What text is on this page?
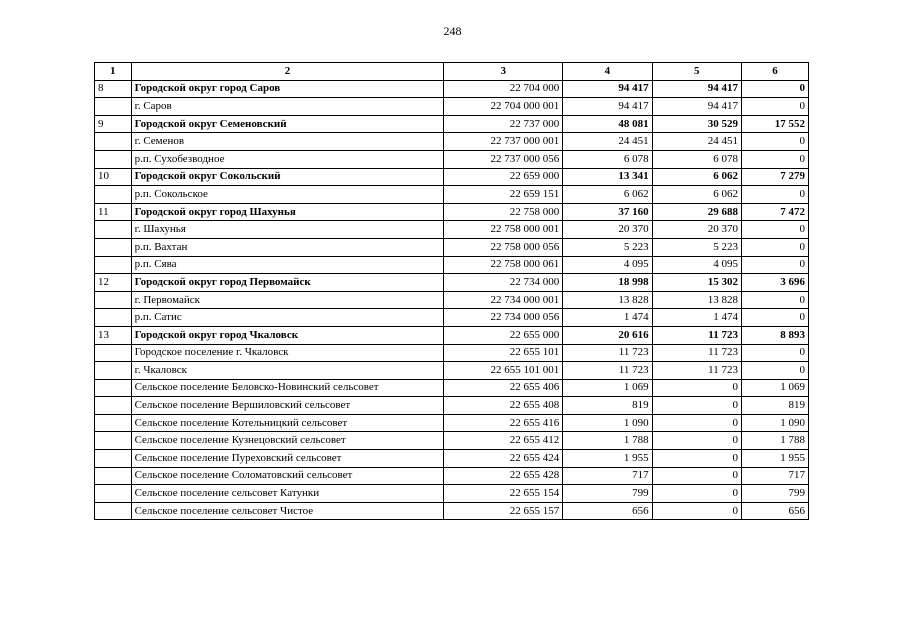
248
1	2	3	4	5	6
8	Городской округ город Саров	22 704 000	94 417	94 417	0
	г. Саров	22 704 000 001	94 417	94 417	0
9	Городской округ Семеновский	22 737 000	48 081	30 529	17 552
	г. Семенов	22 737 000 001	24 451	24 451	0
	р.п. Сухобезводное	22 737 000 056	6 078	6 078	0
10	Городской округ Сокольский	22 659 000	13 341	6 062	7 279
	р.п. Сокольское	22 659 151	6 062	6 062	0
11	Городской округ город Шахунья	22 758 000	37 160	29 688	7 472
	г. Шахунья	22 758 000 001	20 370	20 370	0
	р.п. Вахтан	22 758 000 056	5 223	5 223	0
	р.п. Сява	22 758 000 061	4 095	4 095	0
12	Городской округ город Первомайск	22 734 000	18 998	15 302	3 696
	г. Первомайск	22 734 000 001	13 828	13 828	0
	р.п. Сатис	22 734 000 056	1 474	1 474	0
13	Городской округ город Чкаловск	22 655 000	20 616	11 723	8 893
	Городское поселение г. Чкаловск	22 655 101	11 723	11 723	0
	г. Чкаловск	22 655 101 001	11 723	11 723	0
	Сельское поселение Беловско-Новинский сельсовет	22 655 406	1 069	0	1 069
	Сельское поселение Вершиловский сельсовет	22 655 408	819	0	819
	Сельское поселение Котельницкий сельсовет	22 655 416	1 090	0	1 090
	Сельское поселение Кузнецовский сельсовет	22 655 412	1 788	0	1 788
	Сельское поселение Пуреховский сельсовет	22 655 424	1 955	0	1 955
	Сельское поселение Соломатовский сельсовет	22 655 428	717	0	717
	Сельское поселение сельсовет Катунки	22 655 154	799	0	799
	Сельское поселение сельсовет Чистое	22 655 157	656	0	656
